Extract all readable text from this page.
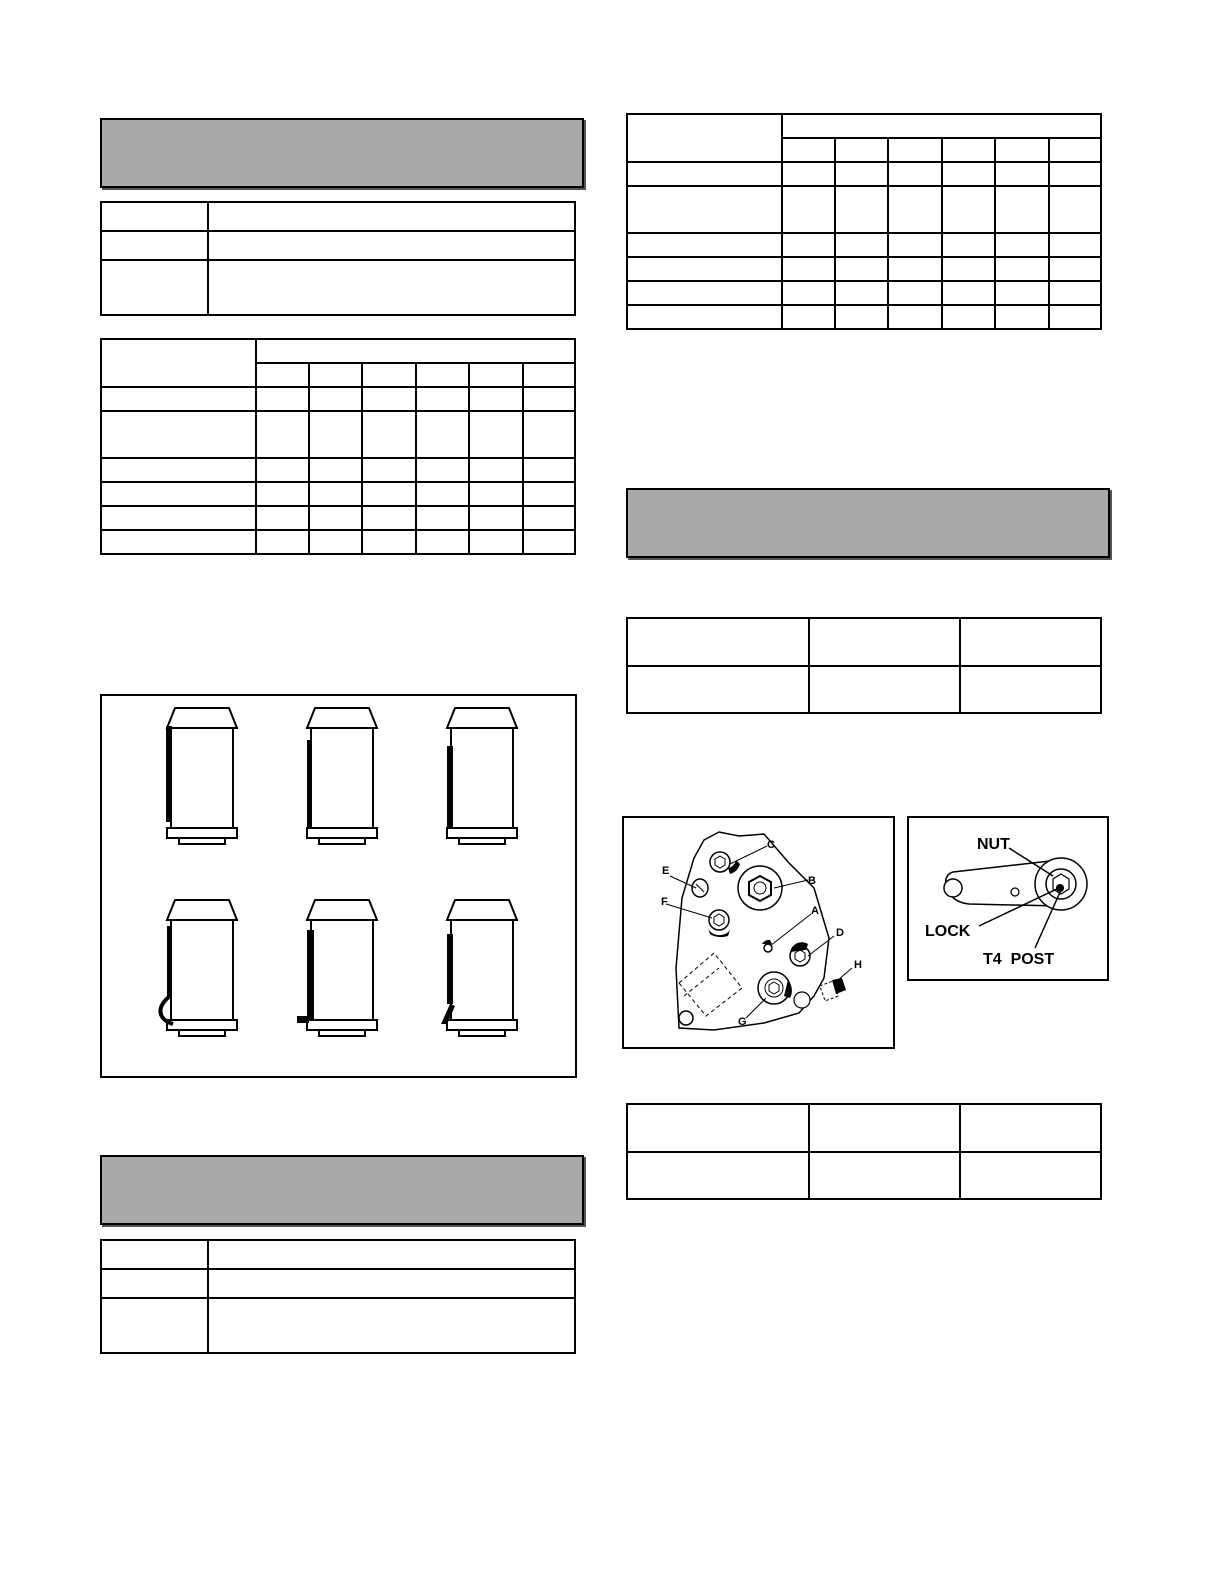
C
B
A
D
E
F
G
H
NUT
LOCK
T4  POST
